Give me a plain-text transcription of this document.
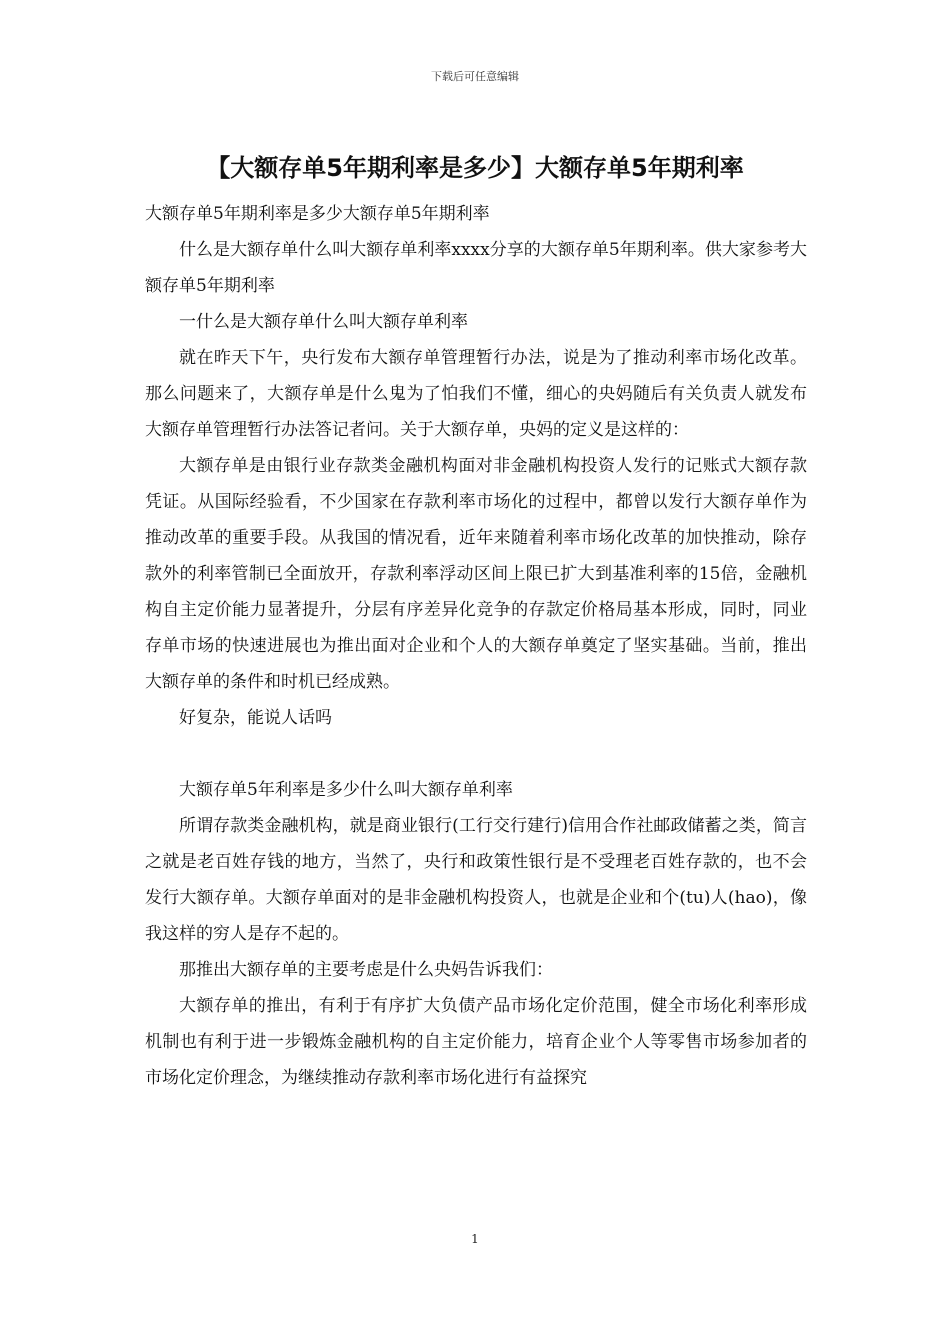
下载后可任意编辑
【大额存单5年期利率是多少】大额存单5年期利率

大额存单5年期利率是多少大额存单5年期利率

什么是大额存单什么叫大额存单利率xxxx分享的大额存单5年期利率。供大家参考大额存单5年期利率

一什么是大额存单什么叫大额存单利率

就在昨天下午，央行发布大额存单管理暂行办法，说是为了推动利率市场化改革。那么问题来了，大额存单是什么鬼为了怕我们不懂，细心的央妈随后有关负责人就发布大额存单管理暂行办法答记者问。关于大额存单，央妈的定义是这样的：

大额存单是由银行业存款类金融机构面对非金融机构投资人发行的记账式大额存款凭证。从国际经验看，不少国家在存款利率市场化的过程中，都曾以发行大额存单作为推动改革的重要手段。从我国的情况看，近年来随着利率市场化改革的加快推动，除存款外的利率管制已全面放开，存款利率浮动区间上限已扩大到基准利率的15倍，金融机构自主定价能力显著提升，分层有序差异化竞争的存款定价格局基本形成，同时，同业存单市场的快速进展也为推出面对企业和个人的大额存单奠定了坚实基础。当前，推出大额存单的条件和时机已经成熟。

好复杂，能说人话吗

大额存单5年利率是多少什么叫大额存单利率

所谓存款类金融机构，就是商业银行(工行交行建行)信用合作社邮政储蓄之类，简言之就是老百姓存钱的地方，当然了，央行和政策性银行是不受理老百姓存款的，也不会发行大额存单。大额存单面对的是非金融机构投资人，也就是企业和个(tu)人(hao)，像我这样的穷人是存不起的。

那推出大额存单的主要考虑是什么央妈告诉我们：

大额存单的推出，有利于有序扩大负债产品市场化定价范围，健全市场化利率形成机制也有利于进一步锻炼金融机构的自主定价能力，培育企业个人等零售市场参加者的市场化定价理念，为继续推动存款利率市场化进行有益探究

1
